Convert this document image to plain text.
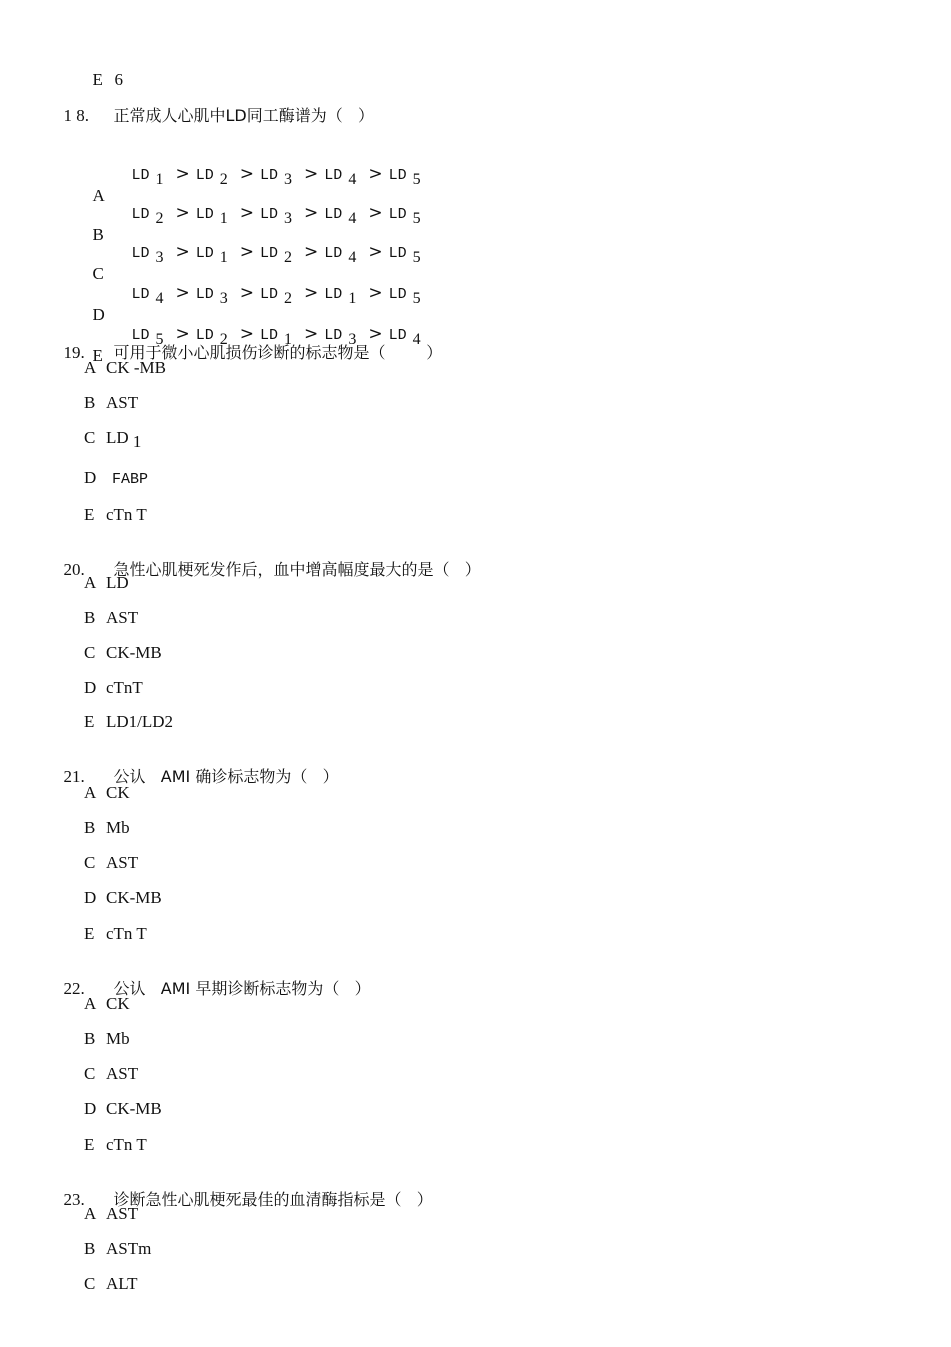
E 6

1 8. 正常成人心肌中LD同工酶谱为（   ）

A
LD 1 > LD 2 > LD 3 > LD 4 > LD 5

B
LD 2 > LD 1 > LD 3 > LD 4 > LD 5

C
LD 3 > LD 1 > LD 2 > LD 4 > LD 5

D
LD 4 > LD 3 > LD 2 > LD 1 > LD 5

E
LD 5 > LD 2 > LD 1 > LD 3 > LD 4

19. 可用于微小心肌损伤诊断的标志物是（        ）

A CK -MB
B AST
C LD 1
D FABP
E cTn T

20. 急性心肌梗死发作后，血中增高幅度最大的是（   ）

A LD
B AST
C CK-MB
D cTnT
E LD1/LD2

21. 公认   AMI 确诊标志物为（   ）

A CK
B Mb
C AST
D CK-MB
E cTn T

22. 公认   AMI 早期诊断标志物为（   ）

A CK
B Mb
C AST
D CK-MB
E cTn T

23. 诊断急性心肌梗死最佳的血清酶指标是（   ）

A AST
B ASTm
C ALT
